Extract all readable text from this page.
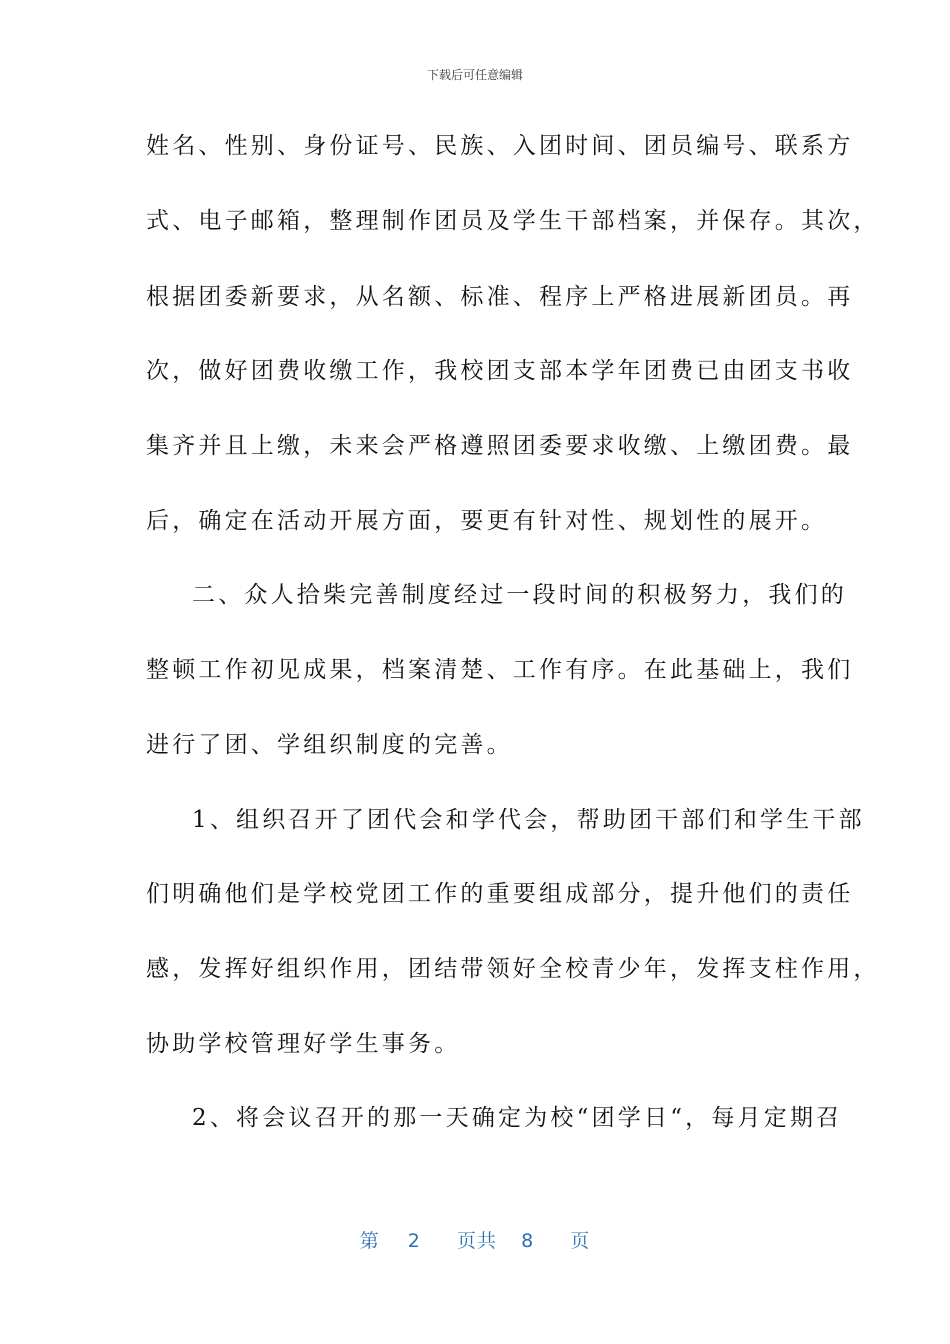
下载后可任意编辑
姓名、性别、身份证号、民族、入团时间、团员编号、联系方
式、电子邮箱，整理制作团员及学生干部档案，并保存。其次，
根据团委新要求，从名额、标准、程序上严格进展新团员。再
次，做好团费收缴工作，我校团支部本学年团费已由团支书收
集齐并且上缴，未来会严格遵照团委要求收缴、上缴团费。最
后，确定在活动开展方面，要更有针对性、规划性的展开。
二、众人拾柴完善制度经过一段时间的积极努力，我们的
整顿工作初见成果，档案清楚、工作有序。在此基础上，我们
进行了团、学组织制度的完善。
1、组织召开了团代会和学代会，帮助团干部们和学生干部
们明确他们是学校党团工作的重要组成部分，提升他们的责任
感，发挥好组织作用，团结带领好全校青少年，发挥支柱作用，
协助学校管理好学生事务。
2、将会议召开的那一天确定为校“团学日“，每月定期召
第 2 页共 8 页
